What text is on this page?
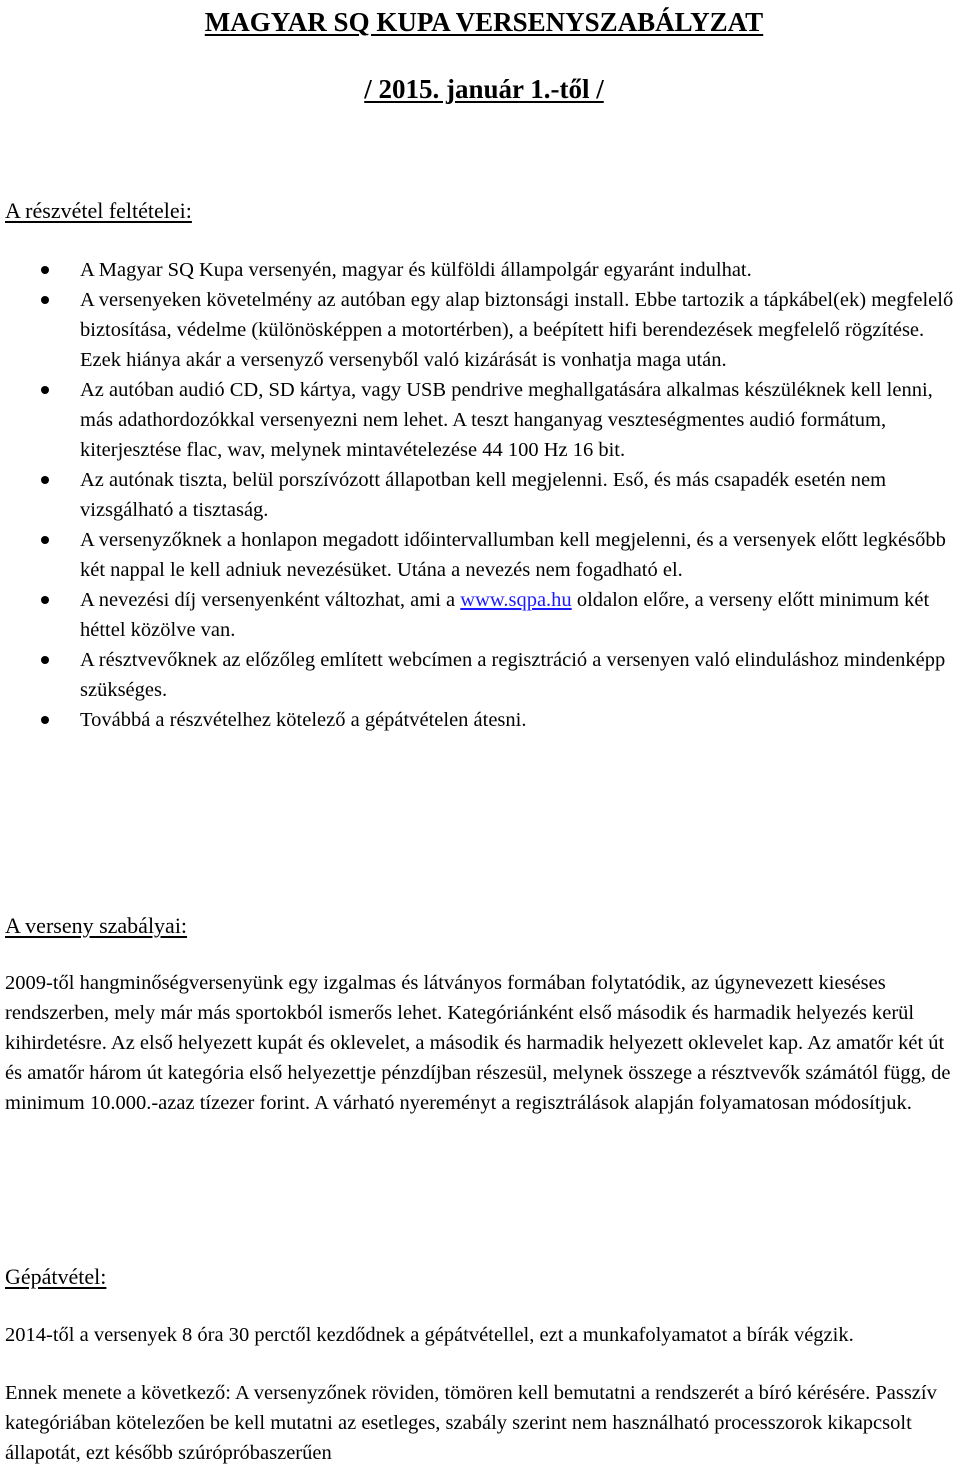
MAGYAR SQ KUPA VERSENYSZABÁLYZAT
/ 2015. január 1.-től /
A részvétel feltételei:
A Magyar SQ Kupa versenyén, magyar és külföldi állampolgár egyaránt indulhat.
A versenyeken követelmény az autóban egy alap biztonsági install. Ebbe tartozik a tápkábel(ek) megfelelő biztosítása, védelme (különösképpen a motortérben), a beépített hifi berendezések megfelelő rögzítése. Ezek hiánya akár a versenyző versenyből való kizárását is vonhatja maga után.
Az autóban audió CD, SD kártya, vagy USB pendrive meghallgatására alkalmas készüléknek kell lenni, más adathordozókkal versenyezni nem lehet. A teszt hanganyag veszteségmentes audió formátum, kiterjesztése flac, wav, melynek mintavételezése 44 100 Hz 16 bit.
Az autónak tiszta, belül porszívózott állapotban kell megjelenni. Eső, és más csapadék esetén nem vizsgálható a tisztaság.
A versenyzőknek a honlapon megadott időintervallumban kell megjelenni, és a versenyek előtt legkésőbb két nappal le kell adniuk nevezésüket. Utána a nevezés nem fogadható el.
A nevezési díj versenyenként változhat, ami a www.sqpa.hu oldalon előre, a verseny előtt minimum két héttel közölve van.
A résztvevőknek az előzőleg említett webcímen a regisztráció a versenyen való elinduláshoz mindenképp szükséges.
Továbbá a részvételhez kötelező a gépátvételen átesni.
A verseny szabályai:

2009-től hangminőségversenyünk egy izgalmas és látványos formában folytatódik, az úgynevezett kieséses rendszerben, mely már más sportokból ismerős lehet. Kategóriánként első második és harmadik helyezés kerül kihirdetésre. Az első helyezett kupát és oklevelet, a második és harmadik helyezett oklevelet kap. Az amatőr két út és amatőr három út kategória első helyezettje pénzdíjban részesül, melynek összege a résztvevők számától függ, de minimum 10.000.-azaz tízezer forint. A várható nyereményt a regisztrálások alapján folyamatosan módosítjuk.

Gépátvétel:

2014-től a versenyek 8 óra 30 perctől kezdődnek a gépátvétellel, ezt a munkafolyamatot a bírák végzik.

Ennek menete a következő: A versenyzőnek röviden, tömören kell bemutatni a rendszerét a bíró kérésére. Passzív kategóriában kötelezően be kell mutatni az esetleges, szabály szerint nem használható processzorok kikapcsolt állapotát, ezt később szúrópróbaszerűen
